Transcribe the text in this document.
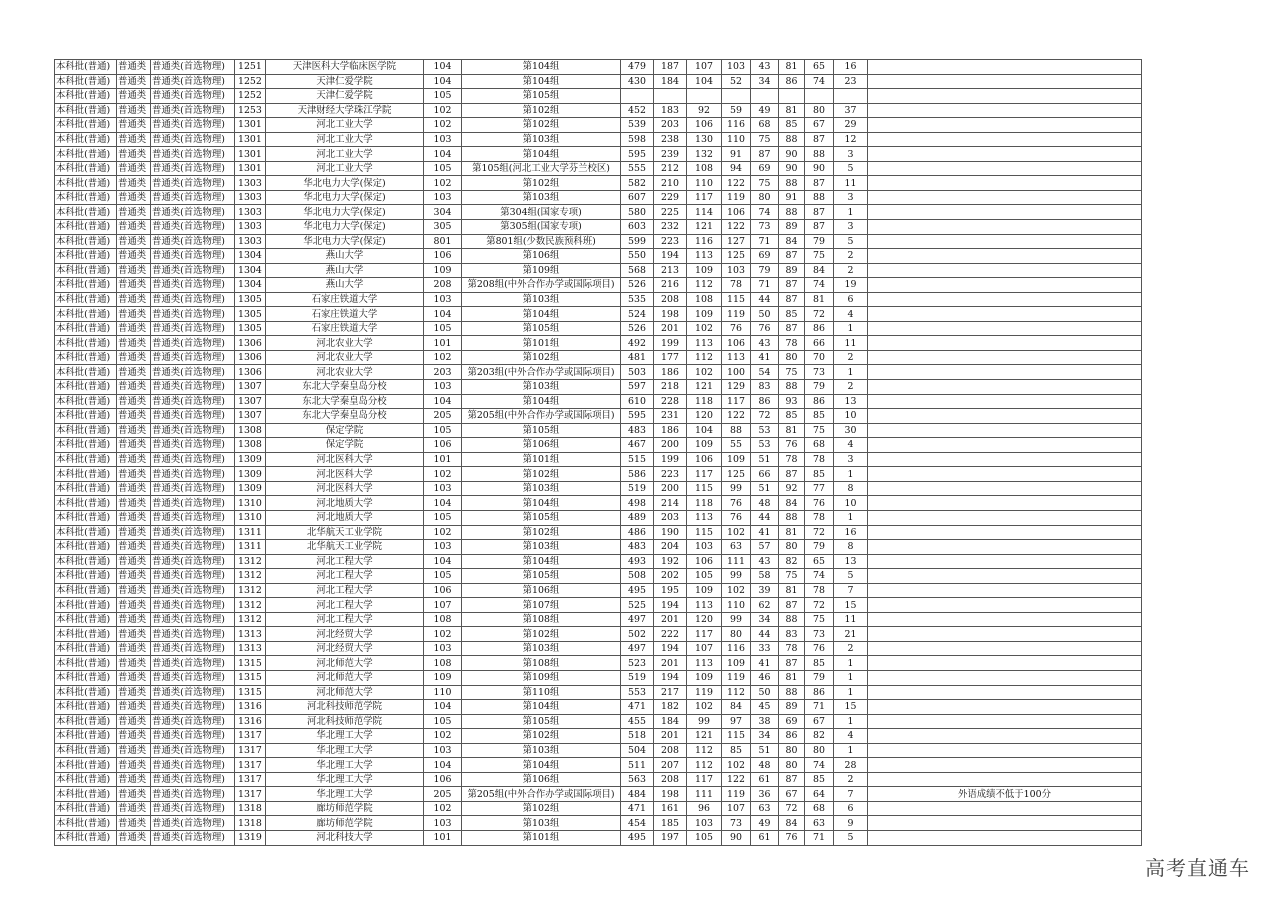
本科批(普通)	普通类	普通类(首选物理)	1251	天津医科大学临床医学院	104	第104组	479	187	107	103	43	81	65	16	
本科批(普通)	普通类	普通类(首选物理)	1252	天津仁爱学院	104	第104组	430	184	104	52	34	86	74	23	
本科批(普通)	普通类	普通类(首选物理)	1252	天津仁爱学院	105	第105组									
本科批(普通)	普通类	普通类(首选物理)	1253	天津财经大学珠江学院	102	第102组	452	183	92	59	49	81	80	37	
本科批(普通)	普通类	普通类(首选物理)	1301	河北工业大学	102	第102组	539	203	106	116	68	85	67	29	
本科批(普通)	普通类	普通类(首选物理)	1301	河北工业大学	103	第103组	598	238	130	110	75	88	87	12	
本科批(普通)	普通类	普通类(首选物理)	1301	河北工业大学	104	第104组	595	239	132	91	87	90	88	3	
本科批(普通)	普通类	普通类(首选物理)	1301	河北工业大学	105	第105组(河北工业大学芬兰校区)	555	212	108	94	69	90	90	5	
本科批(普通)	普通类	普通类(首选物理)	1303	华北电力大学(保定)	102	第102组	582	210	110	122	75	88	87	11	
本科批(普通)	普通类	普通类(首选物理)	1303	华北电力大学(保定)	103	第103组	607	229	117	119	80	91	88	3	
本科批(普通)	普通类	普通类(首选物理)	1303	华北电力大学(保定)	304	第304组(国家专项)	580	225	114	106	74	88	87	1	
本科批(普通)	普通类	普通类(首选物理)	1303	华北电力大学(保定)	305	第305组(国家专项)	603	232	121	122	73	89	87	3	
本科批(普通)	普通类	普通类(首选物理)	1303	华北电力大学(保定)	801	第801组(少数民族预科班)	599	223	116	127	71	84	79	5	
本科批(普通)	普通类	普通类(首选物理)	1304	燕山大学	106	第106组	550	194	113	125	69	87	75	2	
本科批(普通)	普通类	普通类(首选物理)	1304	燕山大学	109	第109组	568	213	109	103	79	89	84	2	
本科批(普通)	普通类	普通类(首选物理)	1304	燕山大学	208	第208组(中外合作办学或国际项目)	526	216	112	78	71	87	74	19	
本科批(普通)	普通类	普通类(首选物理)	1305	石家庄铁道大学	103	第103组	535	208	108	115	44	87	81	6	
本科批(普通)	普通类	普通类(首选物理)	1305	石家庄铁道大学	104	第104组	524	198	109	119	50	85	72	4	
本科批(普通)	普通类	普通类(首选物理)	1305	石家庄铁道大学	105	第105组	526	201	102	76	76	87	86	1	
本科批(普通)	普通类	普通类(首选物理)	1306	河北农业大学	101	第101组	492	199	113	106	43	78	66	11	
本科批(普通)	普通类	普通类(首选物理)	1306	河北农业大学	102	第102组	481	177	112	113	41	80	70	2	
本科批(普通)	普通类	普通类(首选物理)	1306	河北农业大学	203	第203组(中外合作办学或国际项目)	503	186	102	100	54	75	73	1	
本科批(普通)	普通类	普通类(首选物理)	1307	东北大学秦皇岛分校	103	第103组	597	218	121	129	83	88	79	2	
本科批(普通)	普通类	普通类(首选物理)	1307	东北大学秦皇岛分校	104	第104组	610	228	118	117	86	93	86	13	
本科批(普通)	普通类	普通类(首选物理)	1307	东北大学秦皇岛分校	205	第205组(中外合作办学或国际项目)	595	231	120	122	72	85	85	10	
本科批(普通)	普通类	普通类(首选物理)	1308	保定学院	105	第105组	483	186	104	88	53	81	75	30	
本科批(普通)	普通类	普通类(首选物理)	1308	保定学院	106	第106组	467	200	109	55	53	76	68	4	
本科批(普通)	普通类	普通类(首选物理)	1309	河北医科大学	101	第101组	515	199	106	109	51	78	78	3	
本科批(普通)	普通类	普通类(首选物理)	1309	河北医科大学	102	第102组	586	223	117	125	66	87	85	1	
本科批(普通)	普通类	普通类(首选物理)	1309	河北医科大学	103	第103组	519	200	115	99	51	92	77	8	
本科批(普通)	普通类	普通类(首选物理)	1310	河北地质大学	104	第104组	498	214	118	76	48	84	76	10	
本科批(普通)	普通类	普通类(首选物理)	1310	河北地质大学	105	第105组	489	203	113	76	44	88	78	1	
本科批(普通)	普通类	普通类(首选物理)	1311	北华航天工业学院	102	第102组	486	190	115	102	41	81	72	16	
本科批(普通)	普通类	普通类(首选物理)	1311	北华航天工业学院	103	第103组	483	204	103	63	57	80	79	8	
本科批(普通)	普通类	普通类(首选物理)	1312	河北工程大学	104	第104组	493	192	106	111	43	82	65	13	
本科批(普通)	普通类	普通类(首选物理)	1312	河北工程大学	105	第105组	508	202	105	99	58	75	74	5	
本科批(普通)	普通类	普通类(首选物理)	1312	河北工程大学	106	第106组	495	195	109	102	39	81	78	7	
本科批(普通)	普通类	普通类(首选物理)	1312	河北工程大学	107	第107组	525	194	113	110	62	87	72	15	
本科批(普通)	普通类	普通类(首选物理)	1312	河北工程大学	108	第108组	497	201	120	99	34	88	75	11	
本科批(普通)	普通类	普通类(首选物理)	1313	河北经贸大学	102	第102组	502	222	117	80	44	83	73	21	
本科批(普通)	普通类	普通类(首选物理)	1313	河北经贸大学	103	第103组	497	194	107	116	33	78	76	2	
本科批(普通)	普通类	普通类(首选物理)	1315	河北师范大学	108	第108组	523	201	113	109	41	87	85	1	
本科批(普通)	普通类	普通类(首选物理)	1315	河北师范大学	109	第109组	519	194	109	119	46	81	79	1	
本科批(普通)	普通类	普通类(首选物理)	1315	河北师范大学	110	第110组	553	217	119	112	50	88	86	1	
本科批(普通)	普通类	普通类(首选物理)	1316	河北科技师范学院	104	第104组	471	182	102	84	45	89	71	15	
本科批(普通)	普通类	普通类(首选物理)	1316	河北科技师范学院	105	第105组	455	184	99	97	38	69	67	1	
本科批(普通)	普通类	普通类(首选物理)	1317	华北理工大学	102	第102组	518	201	121	115	34	86	82	4	
本科批(普通)	普通类	普通类(首选物理)	1317	华北理工大学	103	第103组	504	208	112	85	51	80	80	1	
本科批(普通)	普通类	普通类(首选物理)	1317	华北理工大学	104	第104组	511	207	112	102	48	80	74	28	
本科批(普通)	普通类	普通类(首选物理)	1317	华北理工大学	106	第106组	563	208	117	122	61	87	85	2	
本科批(普通)	普通类	普通类(首选物理)	1317	华北理工大学	205	第205组(中外合作办学或国际项目)	484	198	111	119	36	67	64	7	外语成绩不低于100分
本科批(普通)	普通类	普通类(首选物理)	1318	廊坊师范学院	102	第102组	471	161	96	107	63	72	68	6	
本科批(普通)	普通类	普通类(首选物理)	1318	廊坊师范学院	103	第103组	454	185	103	73	49	84	63	9	
本科批(普通)	普通类	普通类(首选物理)	1319	河北科技大学	101	第101组	495	197	105	90	61	76	71	5	
高考直通车
